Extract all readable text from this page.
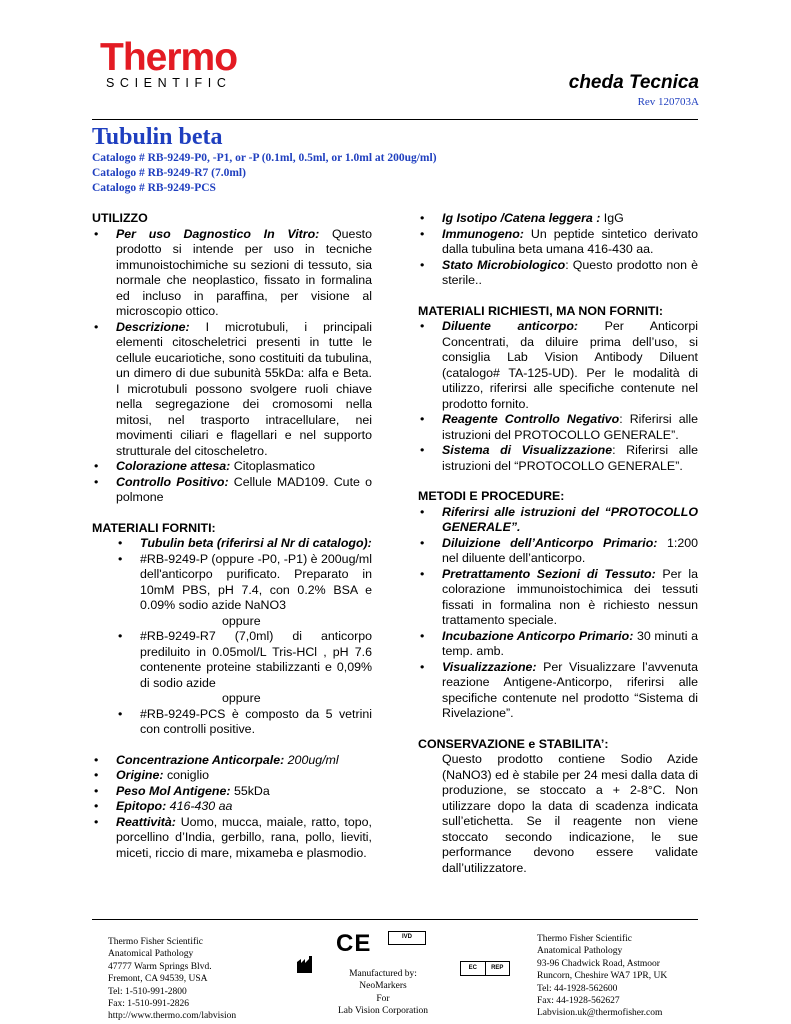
Thermo
SCIENTIFIC	cheda Tecnica
Rev 120703A
Tubulin beta
Catalogo # RB-9249-P0, -P1, or -P (0.1ml, 0.5ml, or 1.0ml at 200ug/ml)
Catalogo # RB-9249-R7 (7.0ml)
Catalogo # RB-9249-PCS

UTILIZZO

• Per uso Dagnostico In Vitro: Questo prodotto si intende per uso in tecniche immunoistochimiche su sezioni di tessuto, sia normale che neoplastico, fissato in formalina ed incluso in paraffina, per visione al microscopio ottico.
• Descrizione: I microtubuli, i principali elementi citoscheletrici presenti in tutte le cellule eucariotiche, sono costituiti da tubulina, un dimero di due subunità 55kDa: alfa e Beta. I microtubuli possono svolgere ruoli chiave nella segregazione dei cromosomi nella mitosi, nel trasporto intracellulare, nei movimenti ciliari e flagellari e nel supporto strutturale del citoscheletro.
• Colorazione attesa: Citoplasmatico
• Controllo Positivo: Cellule MAD109. Cute o polmone

MATERIALI FORNITI:

• Tubulin beta (riferirsi al Nr di catalogo):
• #RB-9249-P (oppure -P0, -P1) è 200ug/ml dell'anticorpo purificato. Preparato in 10mM PBS, pH 7.4, con 0.2% BSA e 0.09% sodio azide NaNO3
oppure
• #RB-9249-R7 (7,0ml) di anticorpo prediluito in 0.05mol/L Tris-HCl , pH 7.6 contenente proteine stabilizzanti e 0,09% di sodio azide
oppure
• #RB-9249-PCS è composto da 5 vetrini con controlli positive.
• Concentrazione Anticorpale: 200ug/ml
• Origine: coniglio
• Peso Mol Antigene: 55kDa
• Epitopo: 416-430 aa
• Reattività: Uomo, mucca, maiale, ratto, topo, porcellino d’India, gerbillo, rana, pollo, lieviti, miceti, riccio di mare, mixameba e plasmodio.
• Ig Isotipo /Catena leggera : IgG
• Immunogeno: Un peptide sintetico derivato dalla tubulina beta umana 416-430 aa.
• Stato Microbiologico: Questo prodotto non è sterile..

MATERIALI RICHIESTI, MA NON FORNITI:

• Diluente anticorpo: Per Anticorpi Concentrati, da diluire prima dell’uso, si consiglia Lab Vision Antibody Diluent (catalogo# TA-125-UD). Per le modalità di utilizzo, riferirsi alle specifiche contenute nel prodotto fornito.
• Reagente Controllo Negativo: Riferirsi alle istruzioni del PROTOCOLLO GENERALE”.
• Sistema di Visualizzazione: Riferirsi alle istruzioni del “PROTOCOLLO GENERALE”.

METODI E PROCEDURE:

• Riferirsi alle istruzioni del “PROTOCOLLO GENERALE”.
• Diluizione dell’Anticorpo Primario: 1:200 nel diluente dell’anticorpo.
• Pretrattamento Sezioni di Tessuto: Per la colorazione immunoistochimica dei tessuti fissati in formalina non è richiesto nessun trattamento speciale.
• Incubazione Anticorpo Primario: 30 minuti a temp. amb.
• Visualizzazione: Per Visualizzare l’avvenuta reazione Antigene-Anticorpo, riferirsi alle specifiche contenute nel prodotto “Sistema di Rivelazione”.

CONSERVAZIONE e STABILITA’:

Questo prodotto contiene Sodio Azide (NaNO3) ed è stabile per 24 mesi dalla data di produzione, se stoccato a + 2-8°C. Non utilizzare dopo la data di scadenza indicata sull’etichetta. Se il reagente non viene stoccato secondo indicazione, le sue performance devono essere validate dall’utilizzatore.
Thermo Fisher Scientific
Anatomical Pathology
47777 Warm Springs Blvd.
Fremont, CA 94539, USA
Tel: 1-510-991-2800
Fax: 1-510-991-2826
http://www.thermo.com/labvision
CE	IVD
Manufactured by:
NeoMarkers
For
Lab Vision Corporation
EC	REP
Thermo Fisher Scientific
Anatomical Pathology
93-96 Chadwick Road, Astmoor
Runcorn, Cheshire WA7 1PR, UK
Tel: 44-1928-562600
Fax: 44-1928-562627
Labvision.uk@thermofisher.com
